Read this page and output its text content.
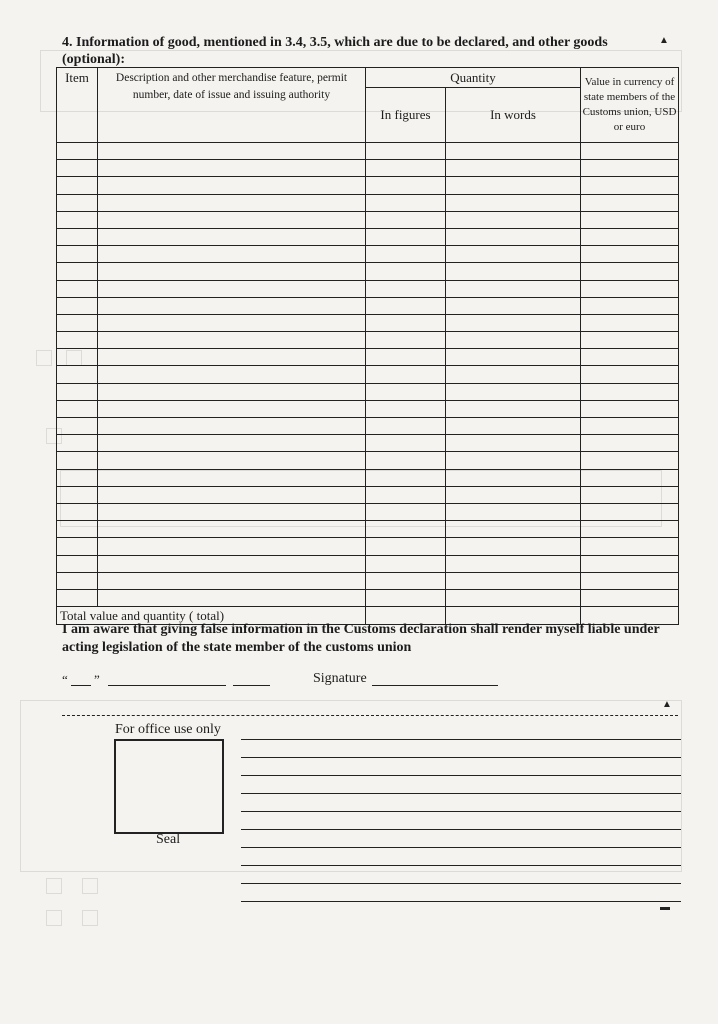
4. Information of good, mentioned in 3.4, 3.5, which are due to be declared, and other goods (optional):
▲
Item	Description and other merchandise feature, permit number, date of issue and issuing authority	Quantity		Value in currency of state members of the Customs union, USD or euro
		In figures	In words	

Total value and quantity ( total)				
I am aware that giving false information in the Customs declaration shall render myself liable under acting legislation of the state member of the customs union
“ ”	Signature
▲
For office use only
Seal
▬
